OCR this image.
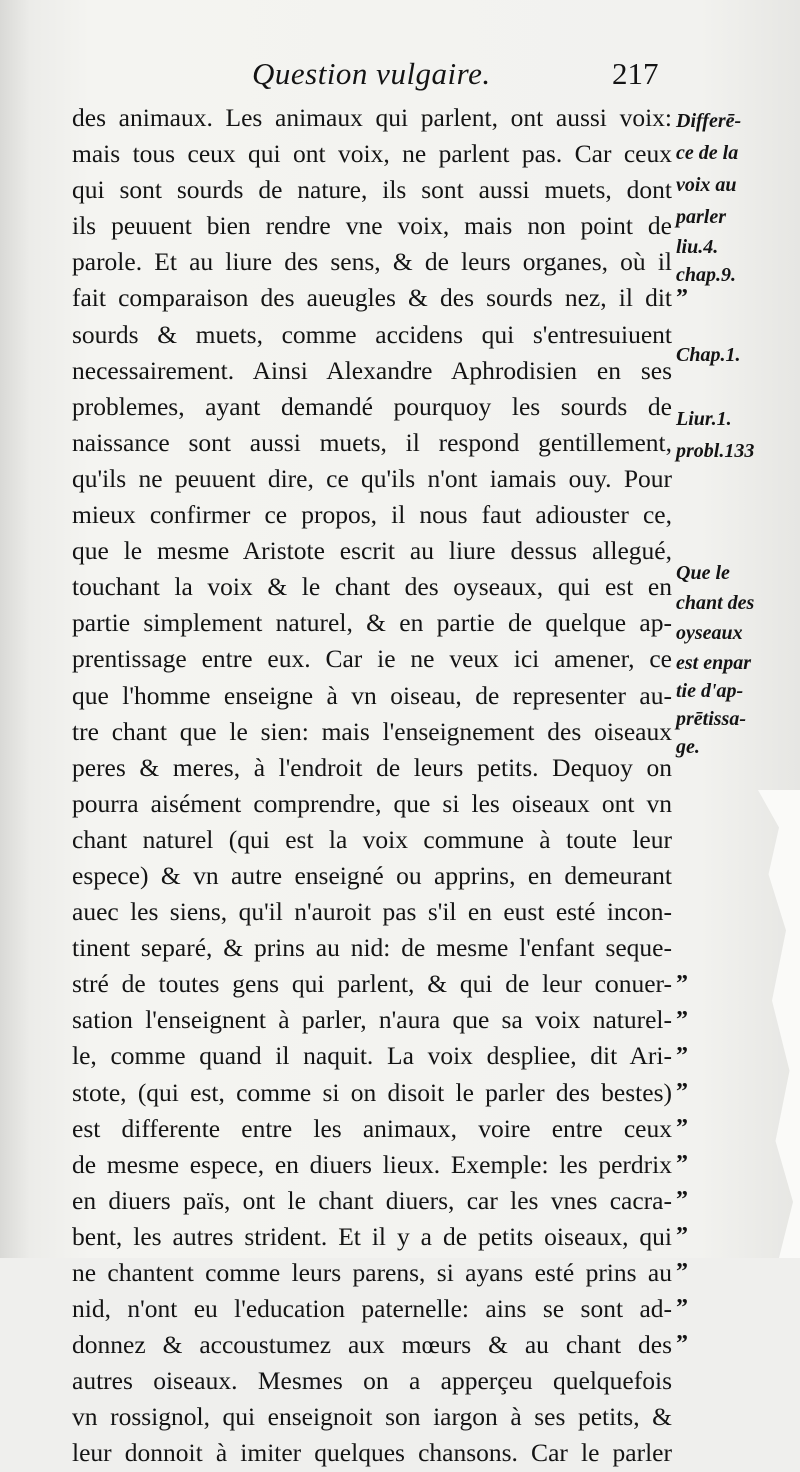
Question vulgaire.	217
des animaux. Les animaux qui parlent, ont aussi voix:
mais tous ceux qui ont voix, ne parlent pas. Car ceux
qui sont sourds de nature, ils sont aussi muets, dont
ils peuuent bien rendre vne voix, mais non point de
parole. Et au liure des sens, & de leurs organes, où il
fait comparaison des aueugles & des sourds nez, il dit
sourds & muets, comme accidens qui s'entresuiuent
necessairement. Ainsi Alexandre Aphrodisien en ses
problemes, ayant demandé pourquoy les sourds de
naissance sont aussi muets, il respond gentillement,
qu'ils ne peuuent dire, ce qu'ils n'ont iamais ouy. Pour
mieux confirmer ce propos, il nous faut adiouster ce,
que le mesme Aristote escrit au liure dessus allegué,
touchant la voix & le chant des oyseaux, qui est en
partie simplement naturel, & en partie de quelque ap-
prentissage entre eux. Car ie ne veux ici amener, ce
que l'homme enseigne à vn oiseau, de representer au-
tre chant que le sien: mais l'enseignement des oiseaux
peres & meres, à l'endroit de leurs petits. Dequoy on
pourra aisément comprendre, que si les oiseaux ont vn
chant naturel (qui est la voix commune à toute leur
espece) & vn autre enseigné ou apprins, en demeurant
auec les siens, qu'il n'auroit pas s'il en eust esté incon-
tinent separé, & prins au nid: de mesme l'enfant seque-
stré de toutes gens qui parlent, & qui de leur conuer-
sation l'enseignent à parler, n'aura que sa voix naturel-
le, comme quand il naquit. La voix despliee, dit Ari-
stote, (qui est, comme si on disoit le parler des bestes)
est differente entre les animaux, voire entre ceux
de mesme espece, en diuers lieux. Exemple: les perdrix
en diuers païs, ont le chant diuers, car les vnes cacra-
bent, les autres strident. Et il y a de petits oiseaux, qui
ne chantent comme leurs parens, si ayans esté prins au
nid, n'ont eu l'education paternelle: ains se sont ad-
donnez & accoustumez aux mœurs & au chant des
autres oiseaux. Mesmes on a apperçeu quelquefois
vn rossignol, qui enseignoit son iargon à ses petits, &
leur donnoit à imiter quelques chansons. Car le parler
Differē-
ce de la
voix au
parler
liu.4.
chap.9.
Chap.1.
Liur.1.
probl.133
Que le
chant des
oyseaux
est enpar
tie d'ap-
prētissa-
ge.
”
”
”
”
”
”
”
”
”
”
”
”
